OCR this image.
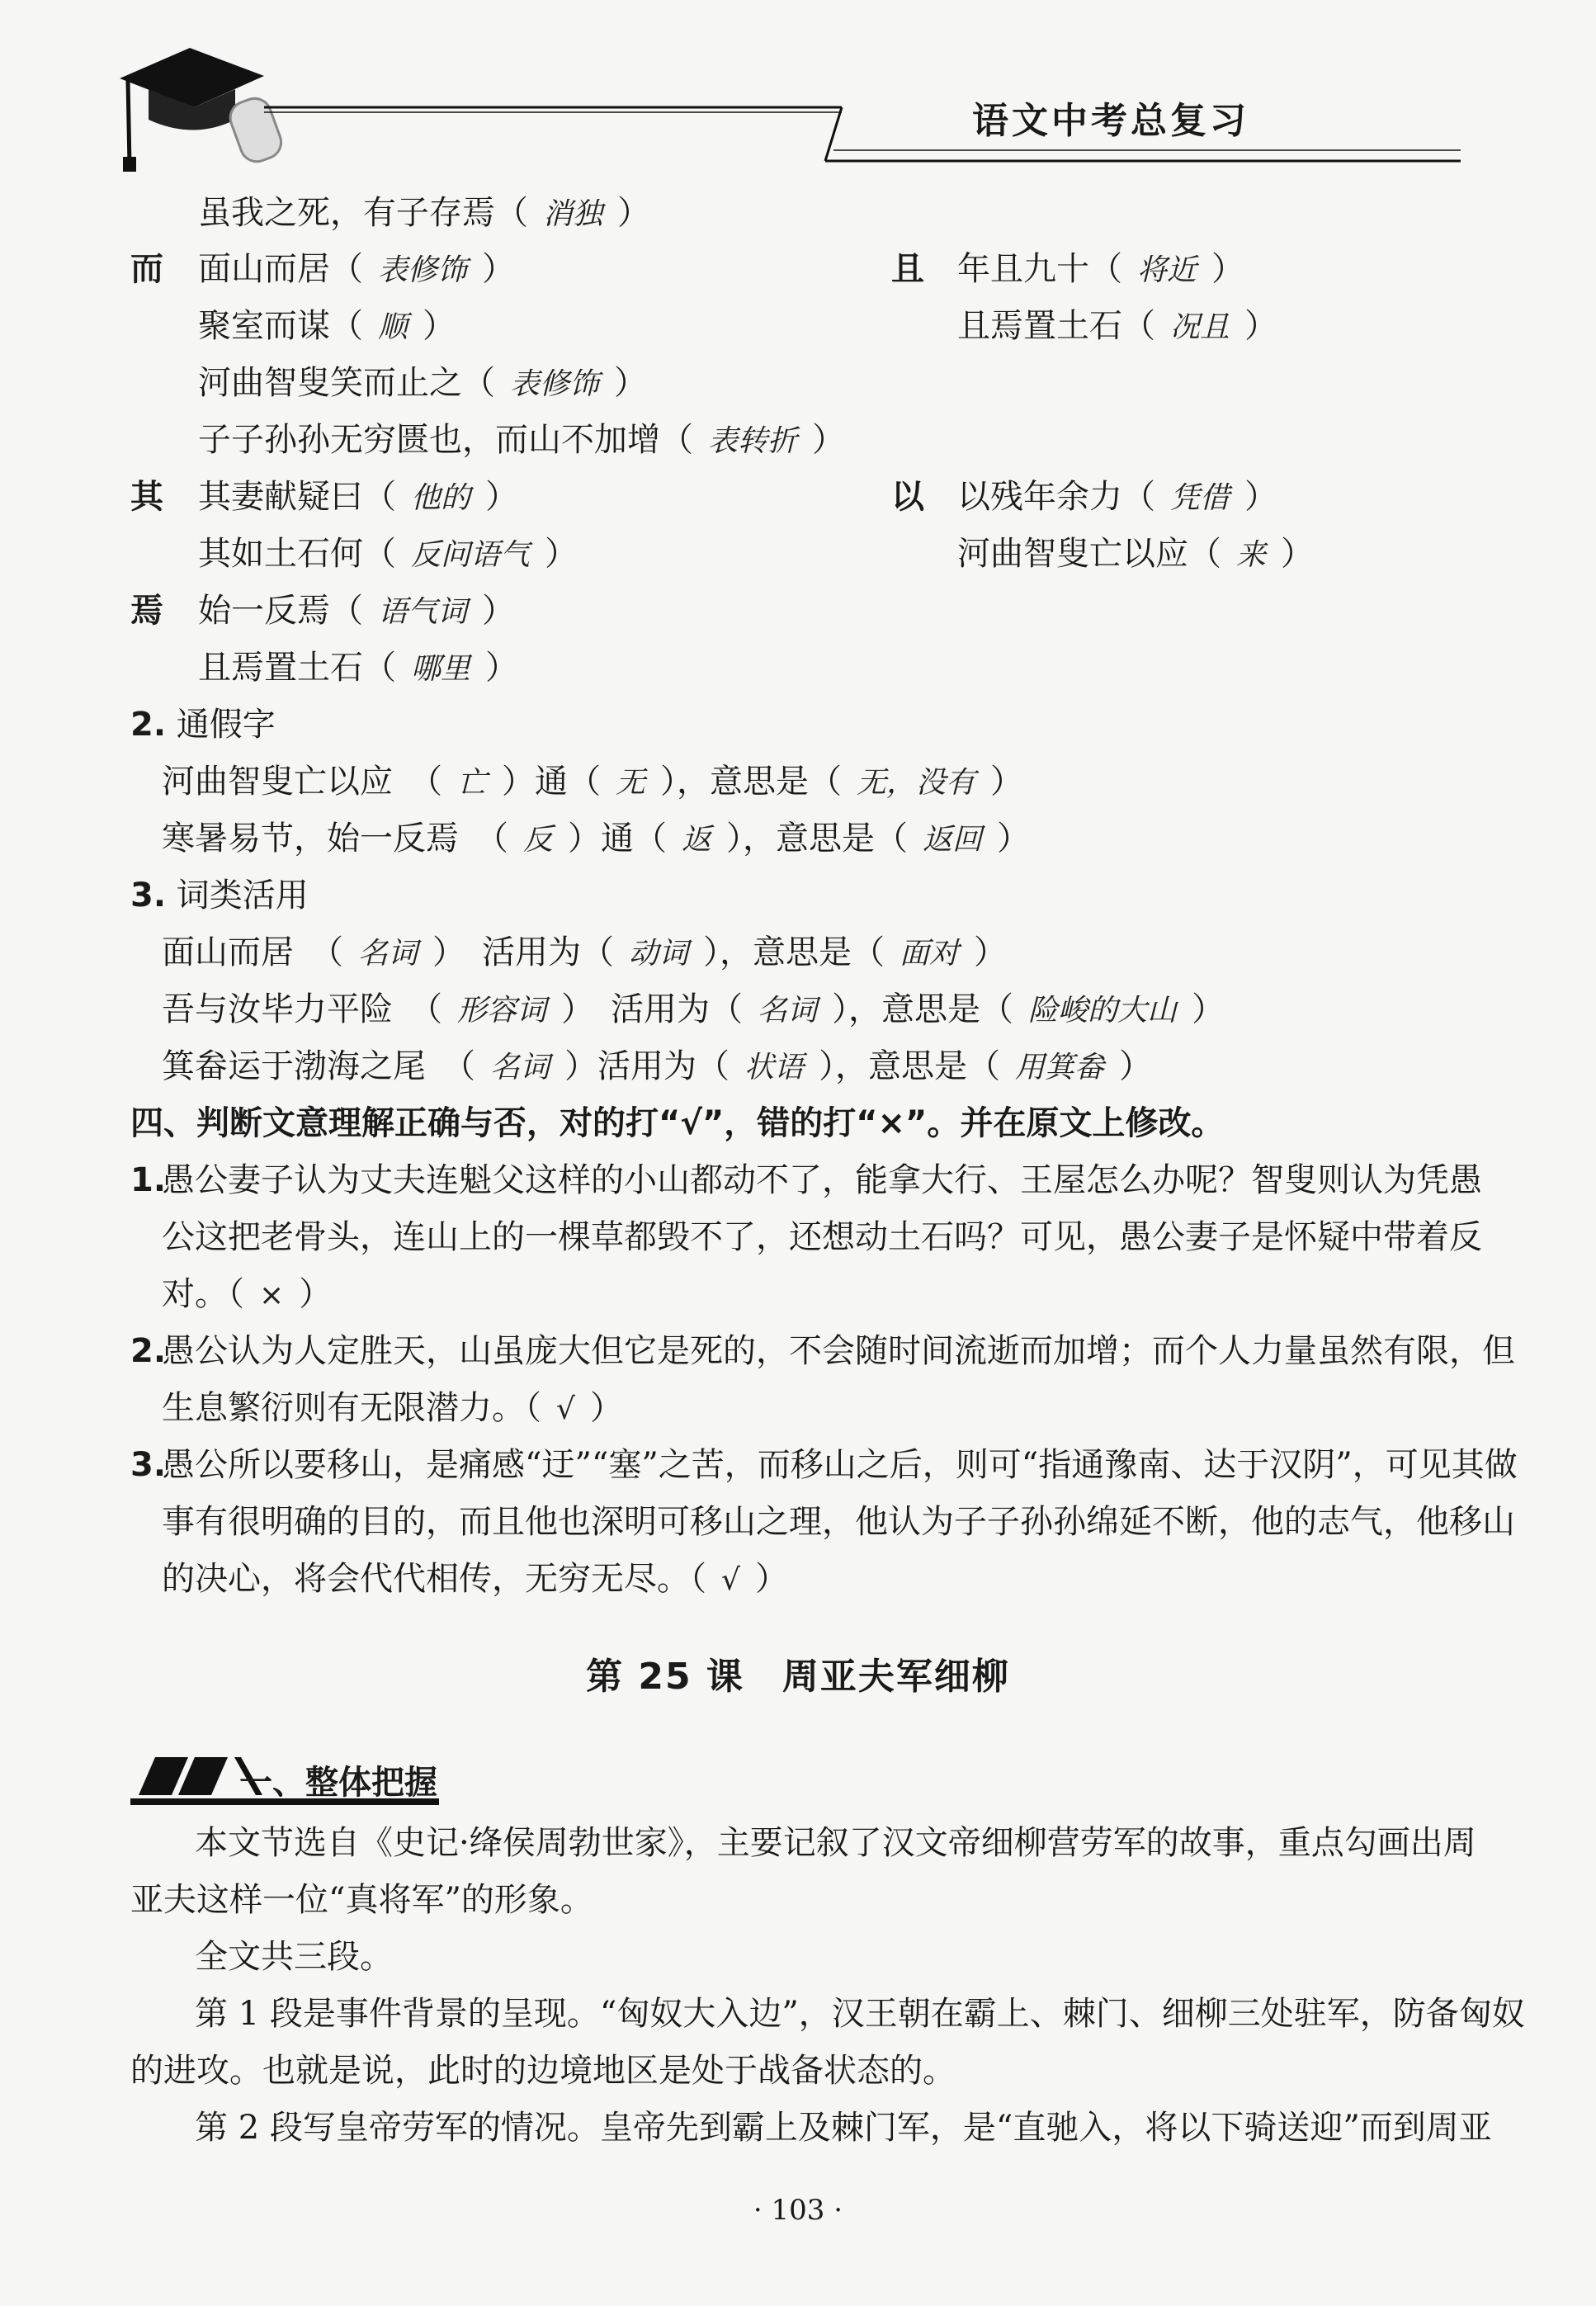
语文中考总复习
虽我之死，有子存焉（ 消独 ）
而 面山而居（ 表修饰 ）
聚室而谋（ 顺 ）
河曲智叟笑而止之（ 表修饰 ）
子子孙孙无穷匮也，而山不加增（ 表转折 ）
且 年且九十（ 将近 ）
且焉置土石（ 况且 ）
其 其妻献疑曰（ 他的 ）
其如土石何（ 反问语气 ）
以 以残年余力（ 凭借 ）
河曲智叟亡以应（ 来 ）
焉 始一反焉（ 语气词 ）
且焉置土石（ 哪里 ）
2. 通假字
河曲智叟亡以应　（ 亡 ）通（ 无 ），意思是（ 无，没有 ）
寒暑易节，始一反焉　（ 反 ）通（ 返 ），意思是（ 返回 ）
3. 词类活用
面山而居　（ 名词 ）　活用为（ 动词 ），意思是（ 面对 ）
吾与汝毕力平险　（ 形容词 ）　活用为（ 名词 ），意思是（ 险峻的大山 ）
箕畚运于渤海之尾　（ 名词 ）活用为（ 状语 ），意思是（ 用箕畚 ）
四、判断文意理解正确与否，对的打“√”，错的打“×”。并在原文上修改。
1.
愚公妻子认为丈夫连魁父这样的小山都动不了，能拿大行、王屋怎么办呢？智叟则认为凭愚
公这把老骨头，连山上的一棵草都毁不了，还想动土石吗？可见，愚公妻子是怀疑中带着反
对。（ × ）
2.
愚公认为人定胜天，山虽庞大但它是死的，不会随时间流逝而加增；而个人力量虽然有限，但
生息繁衍则有无限潜力。（ √ ）
3.
愚公所以要移山，是痛感“迂”“塞”之苦，而移山之后，则可“指通豫南、达于汉阴”，可见其做
事有很明确的目的，而且他也深明可移山之理，他认为子子孙孙绵延不断，他的志气，他移山
的决心，将会代代相传，无穷无尽。（ √ ）
第 25 课　周亚夫军细柳
一、整体把握
本文节选自《史记·绛侯周勃世家》，主要记叙了汉文帝细柳营劳军的故事，重点勾画出周
亚夫这样一位“真将军”的形象。
全文共三段。
第 1 段是事件背景的呈现。“匈奴大入边”，汉王朝在霸上、棘门、细柳三处驻军，防备匈奴
的进攻。也就是说，此时的边境地区是处于战备状态的。
第 2 段写皇帝劳军的情况。皇帝先到霸上及棘门军，是“直驰入，将以下骑送迎”而到周亚
· 103 ·
